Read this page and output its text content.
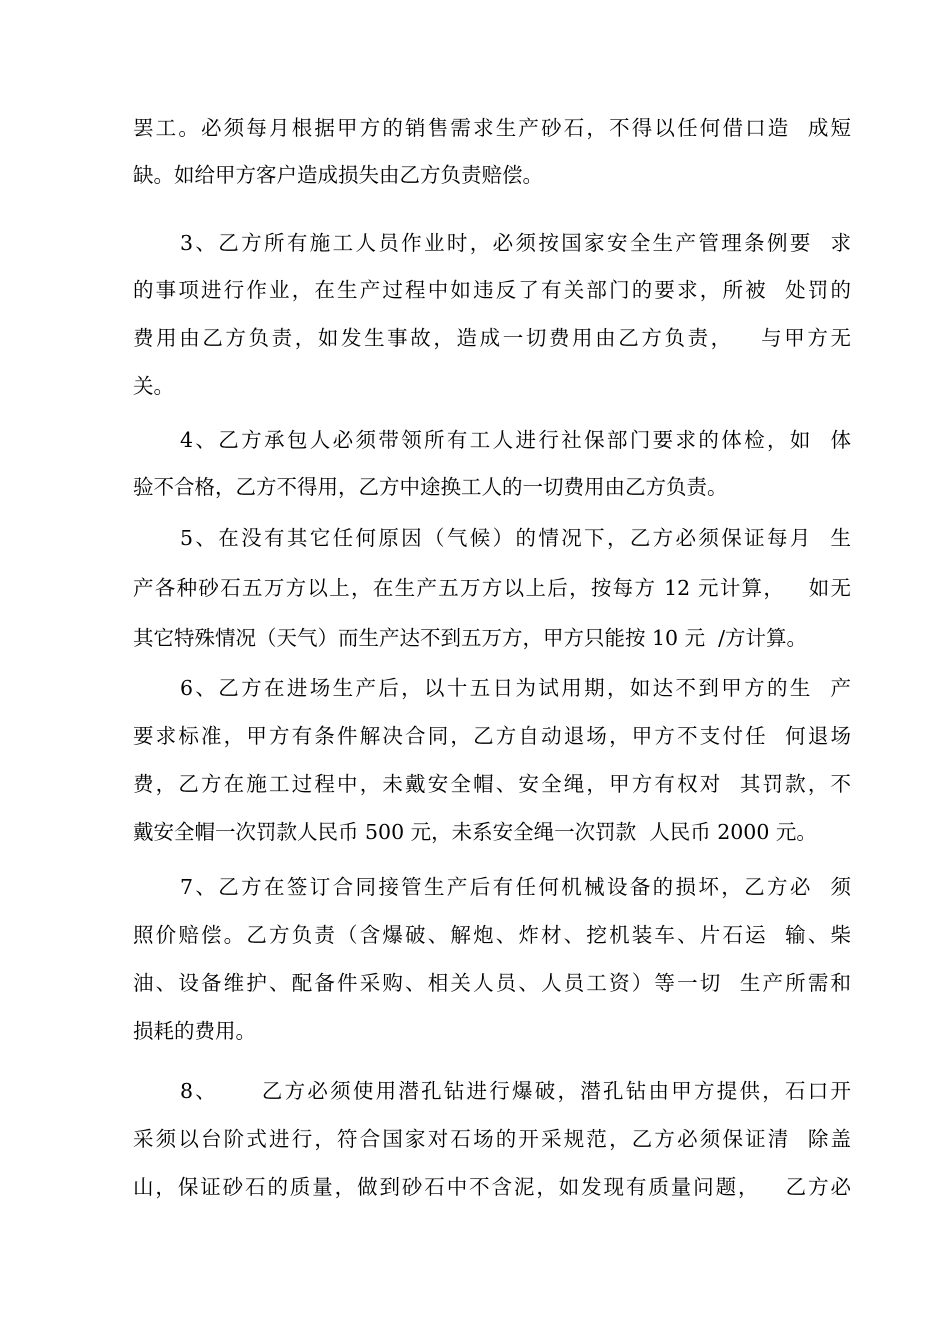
罢工。必须每月根据甲方的销售需求生产砂石，不得以任何借口造  成短
缺。如给甲方客户造成损失由乙方负责赔偿。
3、乙方所有施工人员作业时，必须按国家安全生产管理条例要  求
的事项进行作业，在生产过程中如违反了有关部门的要求，所被  处罚的
费用由乙方负责，如发生事故，造成一切费用由乙方负责，   与甲方无
关。
4、乙方承包人必须带领所有工人进行社保部门要求的体检，如  体
验不合格，乙方不得用，乙方中途换工人的一切费用由乙方负责。
5、在没有其它任何原因（气候）的情况下，乙方必须保证每月  生
产各种砂石五万方以上，在生产五万方以上后，按每方 12 元计算，   如无
其它特殊情况（天气）而生产达不到五万方，甲方只能按 10 元  /方计算。
6、乙方在进场生产后，以十五日为试用期，如达不到甲方的生  产
要求标准，甲方有条件解决合同，乙方自动退场，甲方不支付任  何退场
费，乙方在施工过程中，未戴安全帽、安全绳，甲方有权对  其罚款，不
戴安全帽一次罚款人民币 500 元，未系安全绳一次罚款  人民币 2000 元。
7、乙方在签订合同接管生产后有任何机械设备的损坏，乙方必  须
照价赔偿。乙方负责（含爆破、解炮、炸材、挖机装车、片石运  输、柴
油、设备维护、配备件采购、相关人员、人员工资）等一切  生产所需和
损耗的费用。
8、     乙方必须使用潜孔钻进行爆破，潜孔钻由甲方提供，石口开
采须以台阶式进行，符合国家对石场的开采规范，乙方必须保证清  除盖
山，保证砂石的质量，做到砂石中不含泥，如发现有质量问题，   乙方必
